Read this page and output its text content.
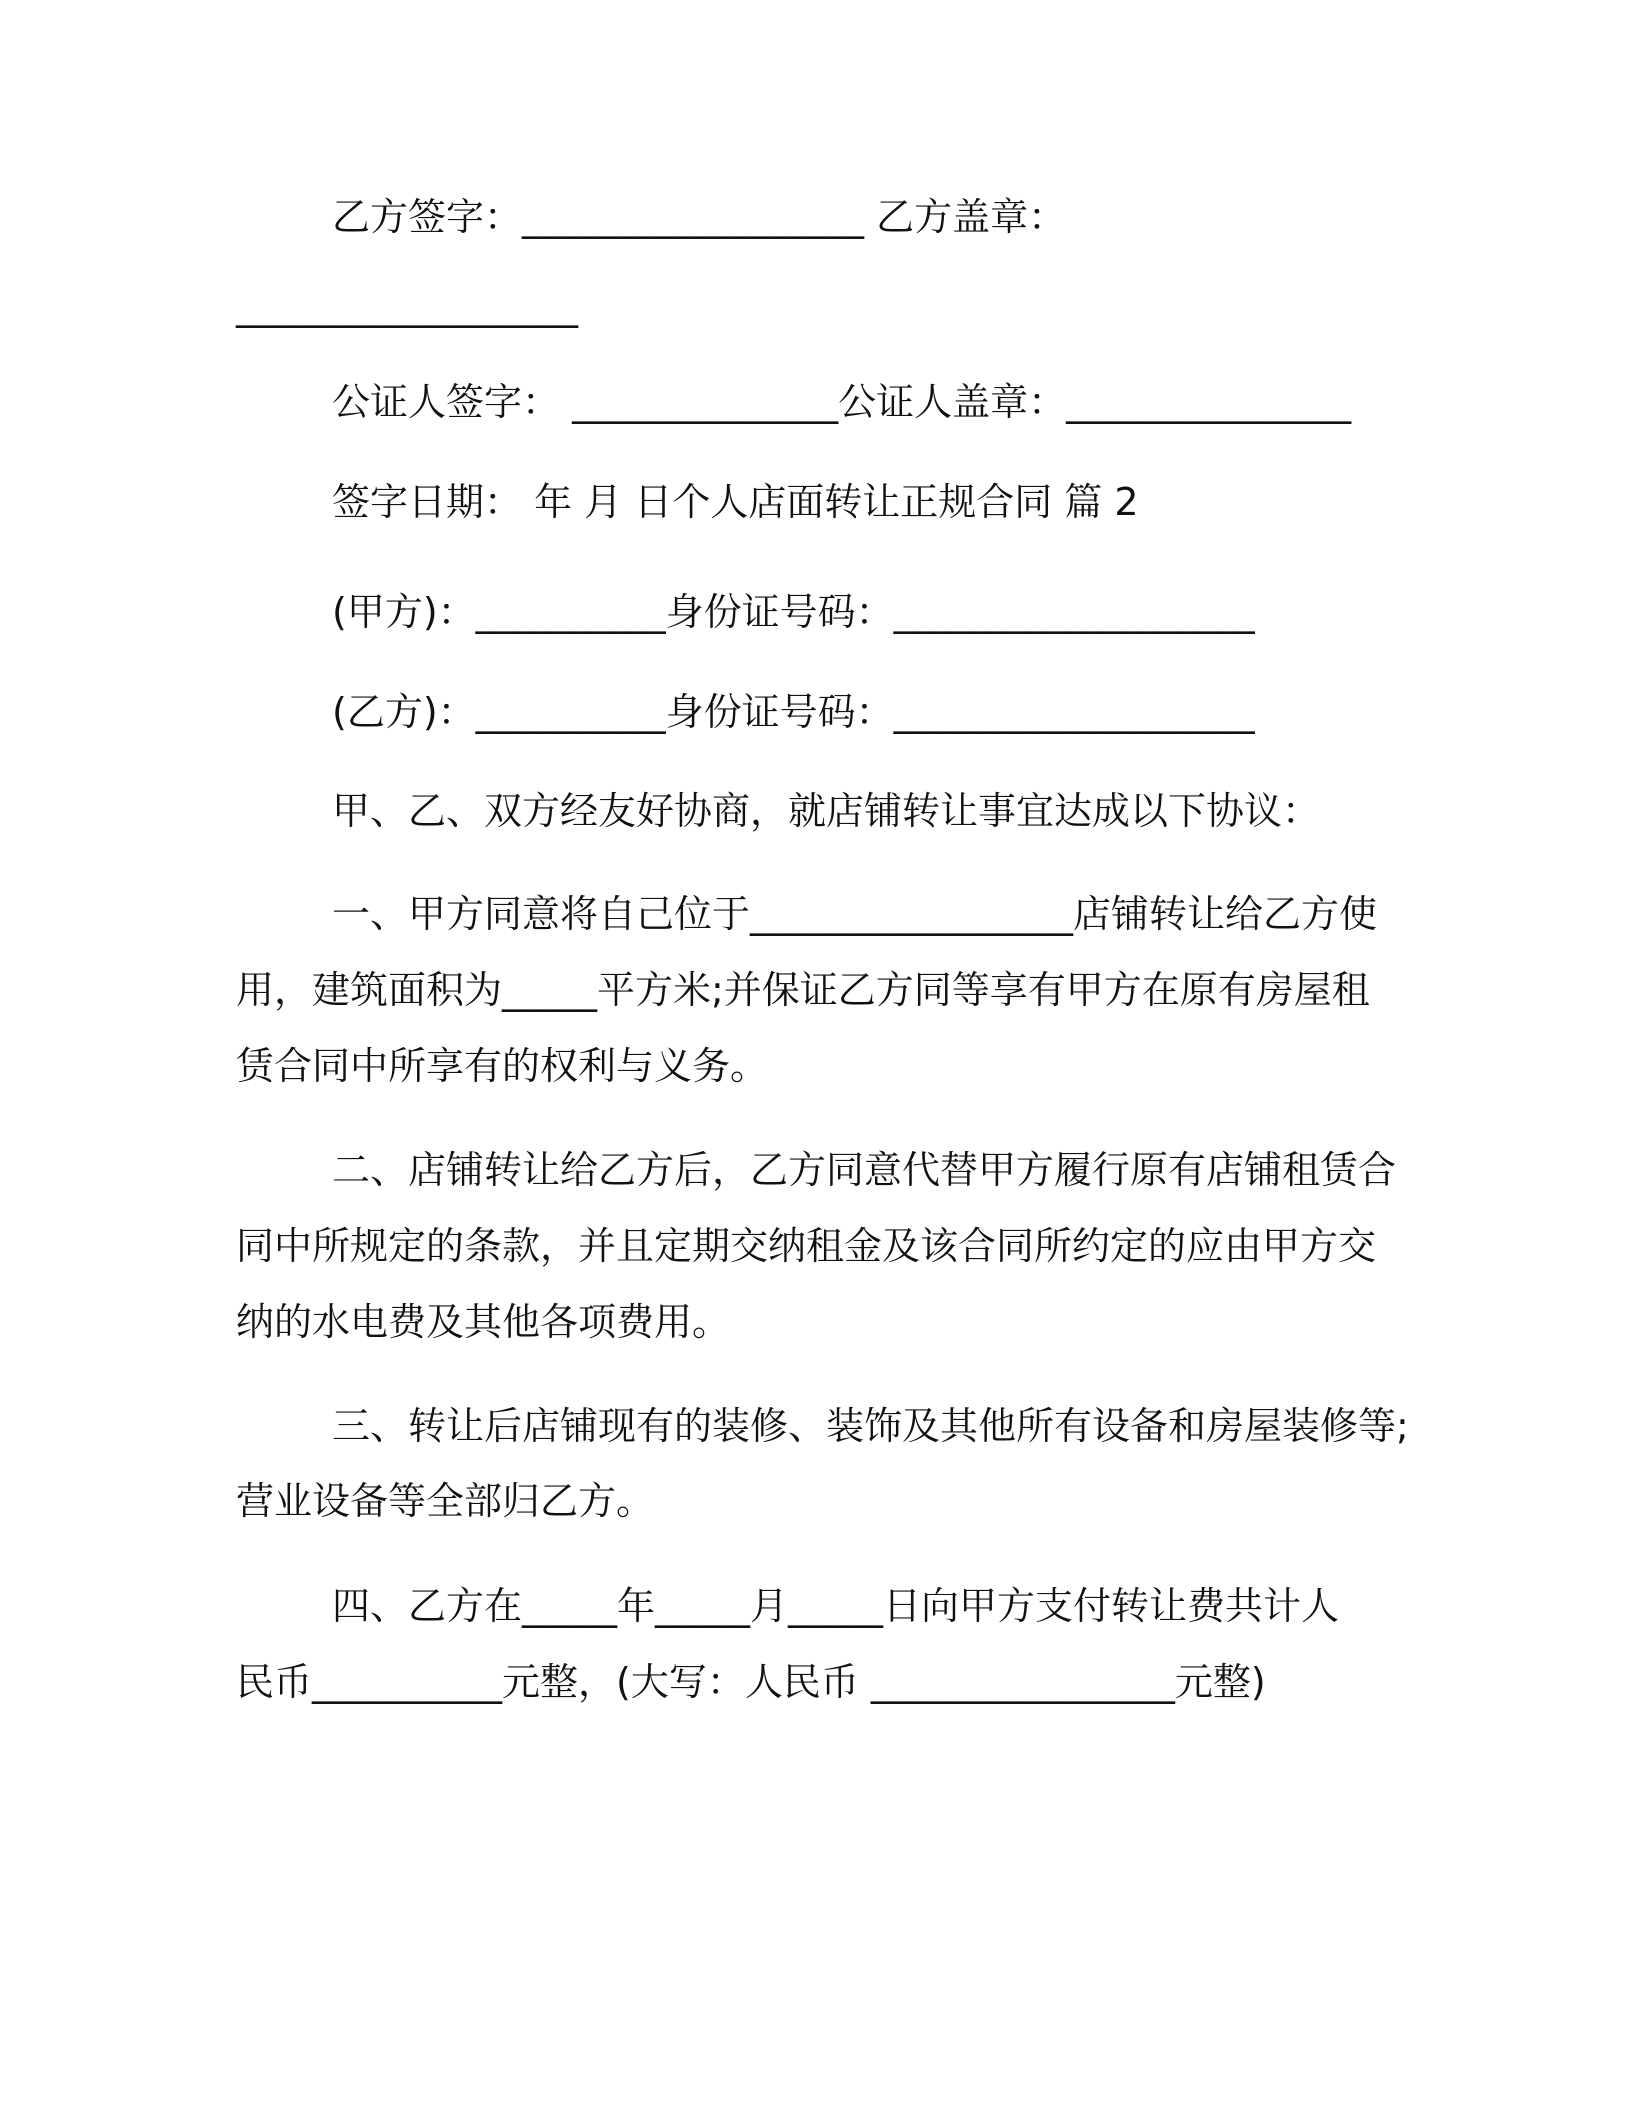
乙方签字：__________________ 乙方盖章：
__________________
公证人签字： ______________公证人盖章：_______________
签字日期： 年 月 日个人店面转让正规合同 篇 2
(甲方)：__________身份证号码：___________________
(乙方)：__________身份证号码：___________________
甲、乙、双方经友好协商，就店铺转让事宜达成以下协议：
一、甲方同意将自己位于_________________店铺转让给乙方使
用，建筑面积为_____平方米;并保证乙方同等享有甲方在原有房屋租
赁合同中所享有的权利与义务。
二、店铺转让给乙方后，乙方同意代替甲方履行原有店铺租赁合
同中所规定的条款，并且定期交纳租金及该合同所约定的应由甲方交
纳的水电费及其他各项费用。
三、转让后店铺现有的装修、装饰及其他所有设备和房屋装修等;
营业设备等全部归乙方。
四、乙方在_____年_____月_____日向甲方支付转让费共计人
民币__________元整，(大写：人民币 ________________元整)
